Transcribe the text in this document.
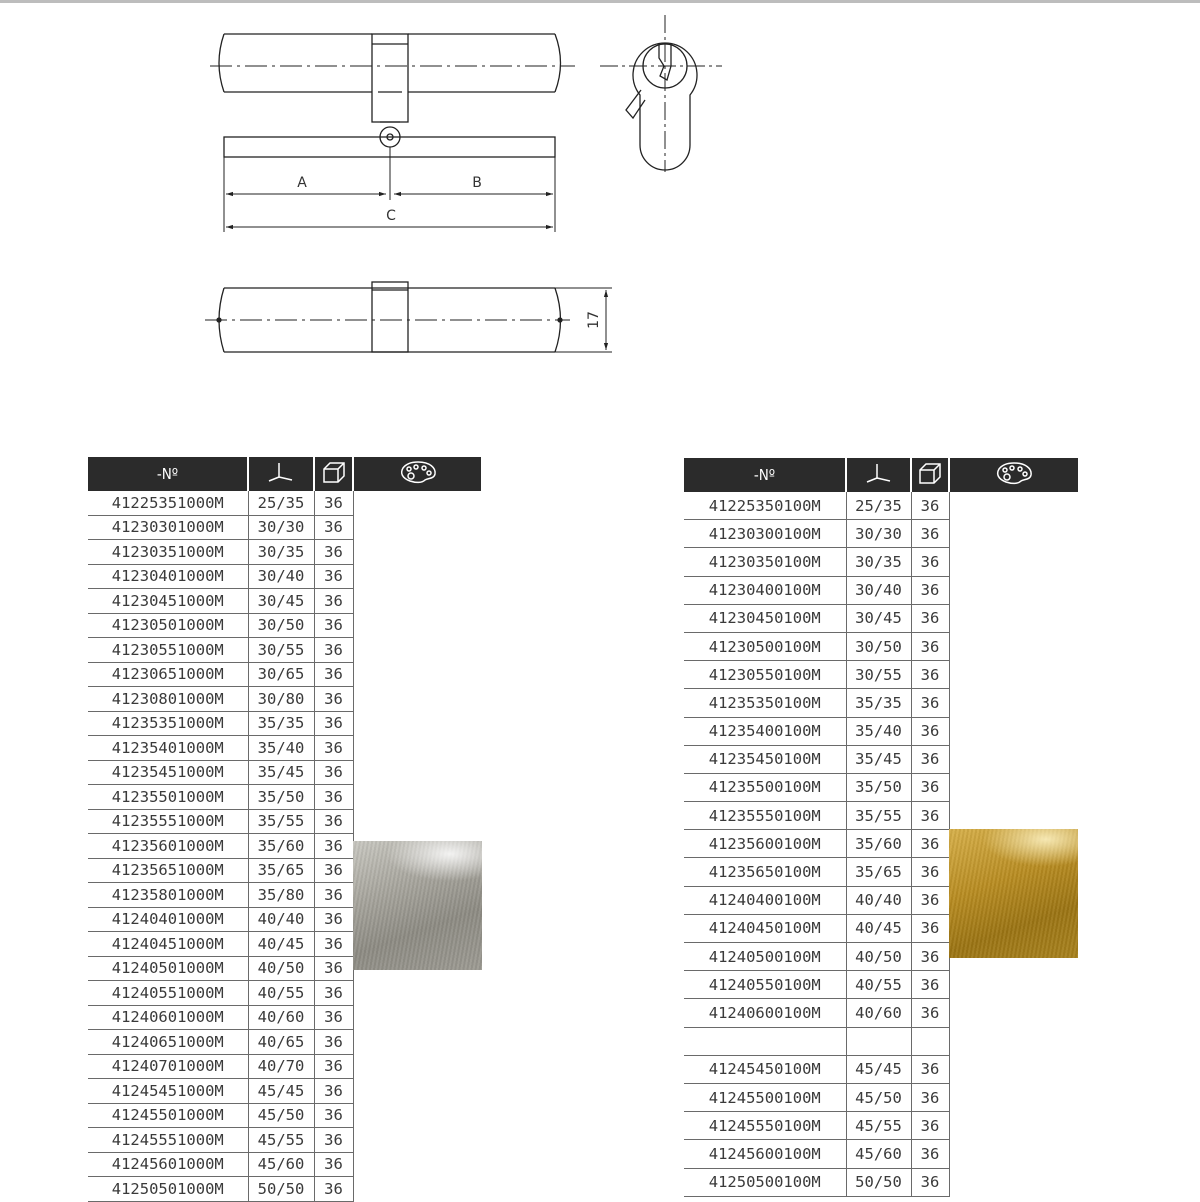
A	B
C
17
-Nº			
41225351000M	25/35	36	
41230301000M	30/30	36	
41230351000M	30/35	36	
41230401000M	30/40	36	
41230451000M	30/45	36	
41230501000M	30/50	36	
41230551000M	30/55	36	
41230651000M	30/65	36	
41230801000M	30/80	36	
41235351000M	35/35	36	
41235401000M	35/40	36	
41235451000M	35/45	36	
41235501000M	35/50	36	
41235551000M	35/55	36	
41235601000M	35/60	36	
41235651000M	35/65	36	
41235801000M	35/80	36	
41240401000M	40/40	36	
41240451000M	40/45	36	
41240501000M	40/50	36	
41240551000M	40/55	36	
41240601000M	40/60	36	
41240651000M	40/65	36	
41240701000M	40/70	36	
41245451000M	45/45	36	
41245501000M	45/50	36	
41245551000M	45/55	36	
41245601000M	45/60	36	
41250501000M	50/50	36	
-Nº			
41225350100M	25/35	36	
41230300100M	30/30	36	
41230350100M	30/35	36	
41230400100M	30/40	36	
41230450100M	30/45	36	
41230500100M	30/50	36	
41230550100M	30/55	36	
41235350100M	35/35	36	
41235400100M	35/40	36	
41235450100M	35/45	36	
41235500100M	35/50	36	
41235550100M	35/55	36	
41235600100M	35/60	36	
41235650100M	35/65	36	
41240400100M	40/40	36	
41240450100M	40/45	36	
41240500100M	40/50	36	
41240550100M	40/55	36	
41240600100M	40/60	36	

41245450100M	45/45	36	
41245500100M	45/50	36	
41245550100M	45/55	36	
41245600100M	45/60	36	
41250500100M	50/50	36	
